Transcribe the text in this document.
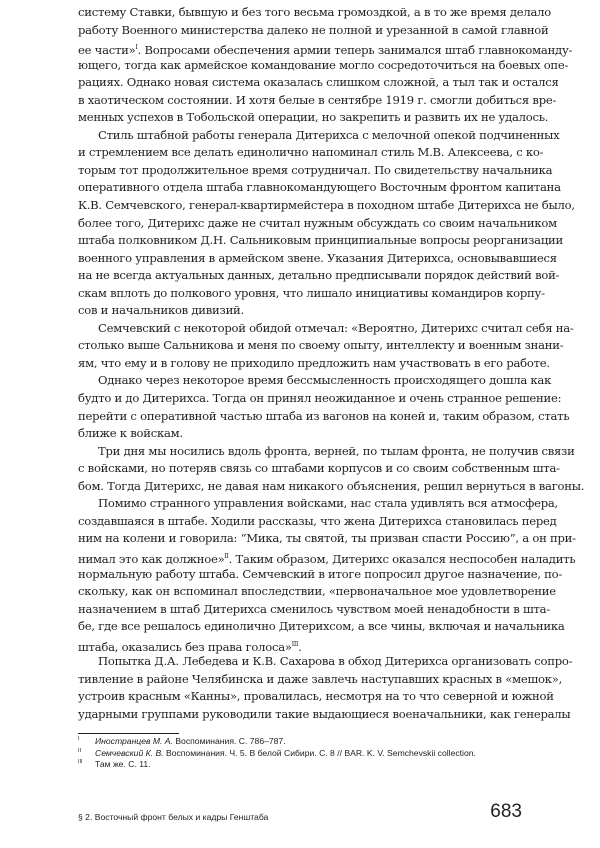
систему Ставки, бывшую и без того весьма громоздкой, а в то же время делало
работу Военного министерства далеко не полной и урезанной в самой главной
ее части»$^I$. Вопросами обеспечения армии теперь занимался штаб главнокоманду-
ющего, тогда как армейское командование могло сосредоточиться на боевых опе-
рациях. Однако новая система оказалась слишком сложной, а тыл так и остался
в хаотическом состоянии. И хотя белые в сентябре 1919 г. смогли добиться вре-
менных успехов в Тобольской операции, но закрепить и развить их не удалось.
Стиль штабной работы генерала Дитерихса с мелочной опекой подчиненных
и стремлением все делать единолично напоминал стиль М.В. Алексеева, с ко-
торым тот продолжительное время сотрудничал. По свидетельству начальника
оперативного отдела штаба главнокомандующего Восточным фронтом капитана
К.В. Семчевского, генерал-квартирмейстера в походном штабе Дитерихса не было,
более того, Дитерихс даже не считал нужным обсуждать со своим начальником
штаба полковником Д.Н. Сальниковым принципиальные вопросы реорганизации
военного управления в армейском звене. Указания Дитерихса, основывавшиеся
на не всегда актуальных данных, детально предписывали порядок действий вой-
скам вплоть до полкового уровня, что лишало инициативы командиров корпу-
сов и начальников дивизий.
Семчевский с некоторой обидой отмечал: «Вероятно, Дитерихс считал себя на-
столько выше Сальникова и меня по своему опыту, интеллекту и военным знани-
ям, что ему и в голову не приходило предложить нам участвовать в его работе.
Однако через некоторое время бессмысленность происходящего дошла как
будто и до Дитерихса. Тогда он принял неожиданное и очень странное решение:
перейти с оперативной частью штаба из вагонов на коней и, таким образом, стать
ближе к войскам.
Три дня мы носились вдоль фронта, верней, по тылам фронта, не получив связи
с войсками, но потеряв связь со штабами корпусов и со своим собственным шта-
бом. Тогда Дитерихс, не давая нам никакого объяснения, решил вернуться в вагоны.
Помимо странного управления войсками, нас стала удивлять вся атмосфера,
создавшаяся в штабе. Ходили рассказы, что жена Дитерихса становилась перед
ним на колени и говорила: “Мика, ты святой, ты призван спасти Россию”, а он при-
нимал это как должное»$^{II}$. Таким образом, Дитерихс оказался неспособен наладить
нормальную работу штаба. Семчевский в итоге попросил другое назначение, по-
скольку, как он вспоминал впоследствии, «первоначальное мое удовлетворение
назначением в штаб Дитерихса сменилось чувством моей ненадобности в шта-
бе, где все решалось единолично Дитерихсом, а все чины, включая и начальника
штаба, оказались без права голоса»$^{III}$.
Попытка Д.А. Лебедева и К.В. Сахарова в обход Дитерихса организовать сопро-
тивление в районе Челябинска и даже завлечь наступавших красных в «мешок»,
устроив красным «Канны», провалилась, несмотря на то что северной и южной
ударными группами руководили такие выдающиеся военачальники, как генералы
I Иностранцев М. А. Воспоминания. С. 786–787.
II Семчевский К. В. Воспоминания. Ч. 5. В белой Сибири. С. 8 // BAR. K. V. Semchevskii collection.
III Там же. С. 11.
§ 2. Восточный фронт белых и кадры Генштаба	683
